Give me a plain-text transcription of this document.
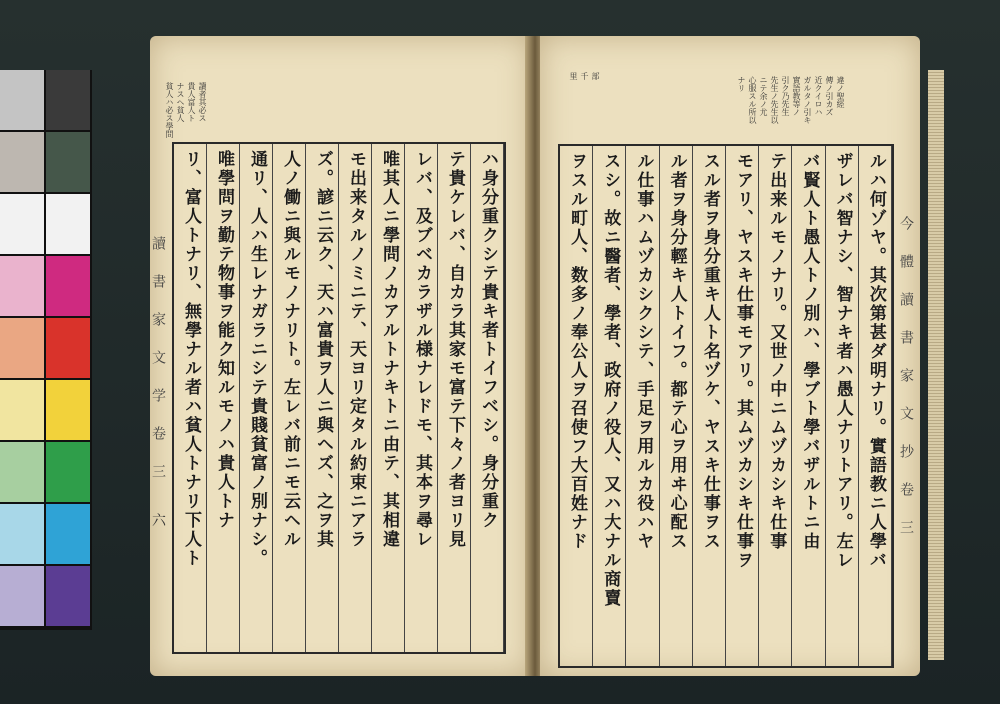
讀者其必ス
貴人富人ト
ナスヘ貧人
貧人ハ必ス學問
讀 書 家 文 学 卷 三	ハ身分重クシテ貴キ者トイフベシ。身分重ク
テ貴ケレバ、自カラ其家モ富テ下々ノ者ヨリ見
レバ、及ブベカラザル様ナレドモ、其本ヲ尋レ
唯其人ニ學問ノカアルトナキトニ由テ、其相違
モ出来タルノミニテ、天ヨリ定タル約束ニアラ
ズ。諺ニ云ク、天ハ富貴ヲ人ニ與ヘズ、之ヲ其
人ノ働ニ與ルモノナリト。左レバ前ニモ云ヘル
通リ、人ハ生レナガラニシテ貴賤貧富ノ別ナシ。
唯學問ヲ勤テ物事ヲ能ク知ルモノハ貴人トナ
リ、富人トナリ、無學ナル者ハ貧人トナリ下人ト
六
部
千
里	違ノ聖經
傳ノ引カズ
近クイロハ
ガルタノ引キ
實語教等ノ
引ク乃先生
先生ノ先生以
ニテ余ノ尤
心服スル所以
ナリ
ルハ何ゾヤ。其次第甚ダ明ナリ。實語教ニ人學バ
ザレバ智ナシ、智ナキ者ハ愚人ナリトアリ。左レ
バ賢人ト愚人トノ別ハ、學ブト學バザルトニ由
テ出来ルモノナリ。又世ノ中ニムヅカシキ仕事
モアリ、ヤスキ仕事モアリ。其ムヅカシキ仕事ヲ
スル者ヲ身分重キ人ト名ヅケ、ヤスキ仕事ヲス
ル者ヲ身分輕キ人トイフ。都テ心ヲ用ヰ心配ス
ル仕事ハムヅカシクシテ、手足ヲ用ルカ役ハヤ
スシ。故ニ醫者、學者、政府ノ役人、又ハ大ナル商賣
ヲスル町人、数多ノ奉公人ヲ召使フ大百姓ナド	今 體 讀 書 家 文 抄 卷 三
